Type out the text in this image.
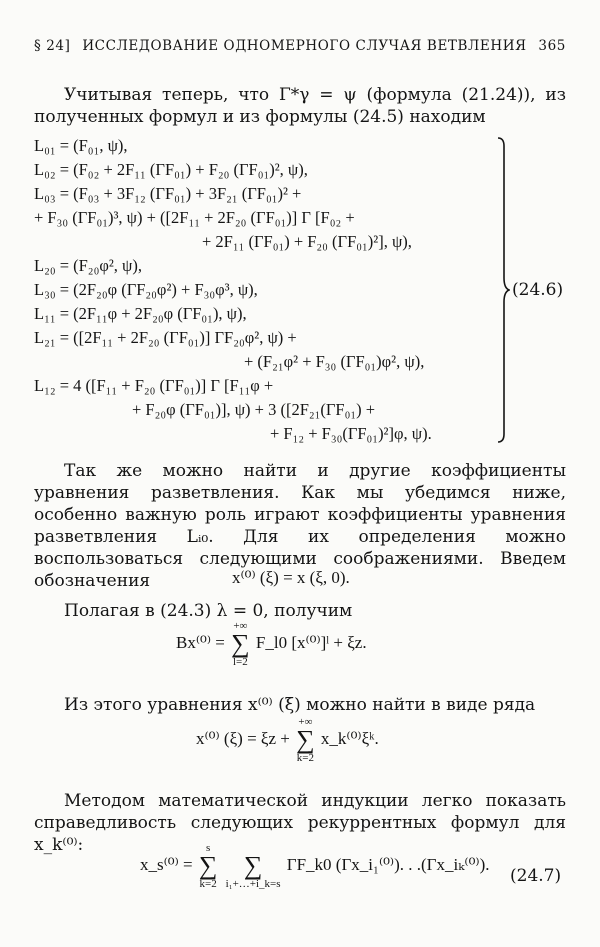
§ 24] ИССЛЕДОВАНИЕ ОДНОМЕРНОГО СЛУЧАЯ ВЕТВЛЕНИЯ 365
Учитывая теперь, что Γ*γ = ψ (формула (21.24)), из полученных формул и из формулы (24.5) находим
L₀₁ = (F₀₁, ψ),
L₀₂ = (F₀₂ + 2F₁₁ (ΓF₀₁) + F₂₀ (ΓF₀₁)², ψ),
L₀₃ = (F₀₃ + 3F₁₂ (ΓF₀₁) + 3F₂₁ (ΓF₀₁)² +
+ F₃₀ (ΓF₀₁)³, ψ) + ([2F₁₁ + 2F₂₀ (ΓF₀₁)] Γ [F₀₂ +
+ 2F₁₁ (ΓF₀₁) + F₂₀ (ΓF₀₁)²], ψ),
L₂₀ = (F₂₀φ², ψ),
L₃₀ = (2F₂₀φ (ΓF₂₀φ²) + F₃₀φ³, ψ),
L₁₁ = (2F₁₁φ + 2F₂₀φ (ΓF₀₁), ψ),
L₂₁ = ([2F₁₁ + 2F₂₀ (ΓF₀₁)] ΓF₂₀φ², ψ) +
+ (F₂₁φ² + F₃₀ (ΓF₀₁)φ², ψ),
L₁₂ = 4 ([F₁₁ + F₂₀ (ΓF₀₁)] Γ [F₁₁φ +
+ F₂₀φ (ΓF₀₁)], ψ) + 3 ([2F₂₁(ΓF₀₁) +
+ F₁₂ + F₃₀(ΓF₀₁)²]φ, ψ).
(24.6)
Так же можно найти и другие коэффициенты уравнения разветвления. Как мы убедимся ниже, особенно важную роль играют коэффициенты уравнения разветвления Lᵢ₀. Для их определения можно воспользоваться следующими соображениями. Введем обозначения	x⁽⁰⁾ (ξ) = x (ξ, 0).
Полагая в (24.3) λ = 0, получим
Bx⁽⁰⁾ =
+∞
∑
l=2
F_l0 [x⁽⁰⁾]ˡ + ξz.
Из этого уравнения x⁽⁰⁾ (ξ) можно найти в виде ряда
x⁽⁰⁾ (ξ) = ξz +
+∞
∑
k=2
x_k⁽⁰⁾ξᵏ.
Методом математической индукции легко показать справедливость следующих рекуррентных формул для x_k⁽⁰⁾:
x_s⁽⁰⁾ =
s
∑
k=2

∑
i₁+…+i_k=s
ΓF_k0 (Γx_i₁⁽⁰⁾). . .(Γx_iₖ⁽⁰⁾).
(24.7)
